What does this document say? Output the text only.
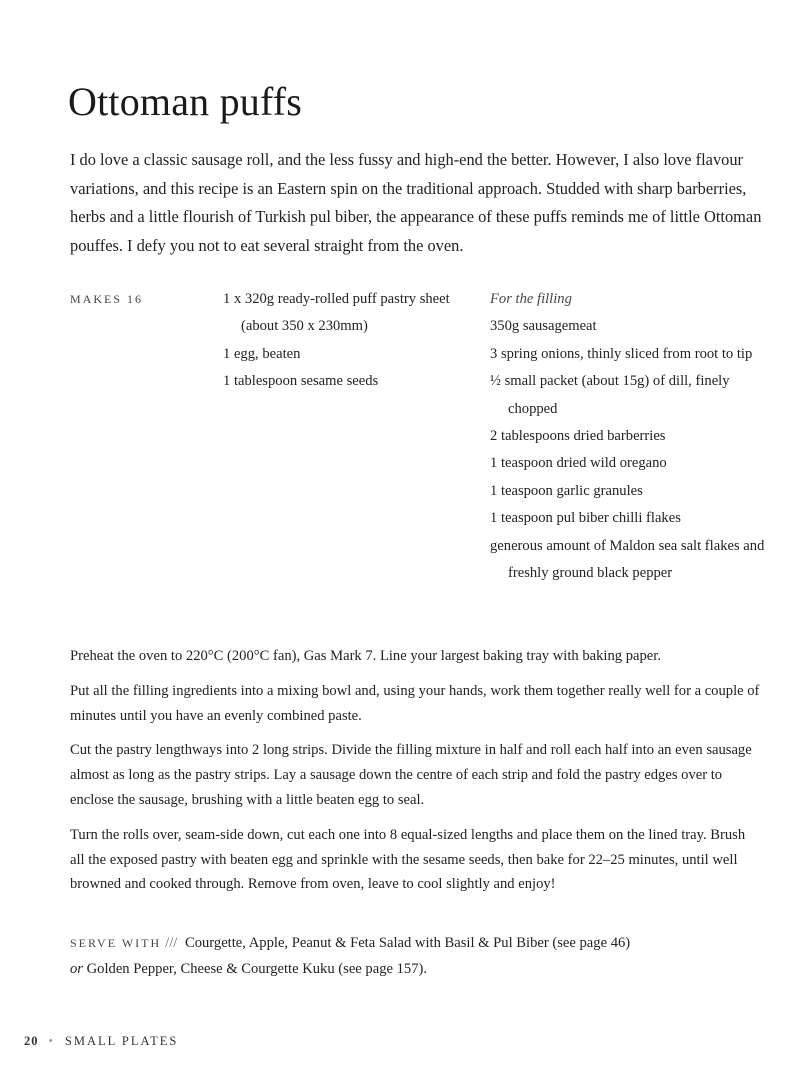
Ottoman puffs

I do love a classic sausage roll, and the less fussy and high-end the better. However, I also love flavour variations, and this recipe is an Eastern spin on the traditional approach. Studded with sharp barberries, herbs and a little flourish of Turkish pul biber, the appearance of these puffs reminds me of little Ottoman pouffes. I defy you not to eat several straight from the oven.

MAKES 16	1 x 320g ready-rolled puff pastry sheet (about 350 x 230mm)

1 egg, beaten

1 tablespoon sesame seeds

For the filling

350g sausagemeat

3 spring onions, thinly sliced from root to tip

½ small packet (about 15g) of dill, finely chopped

2 tablespoons dried barberries

1 teaspoon dried wild oregano

1 teaspoon garlic granules

1 teaspoon pul biber chilli flakes

generous amount of Maldon sea salt flakes and freshly ground black pepper

Preheat the oven to 220°C (200°C fan), Gas Mark 7. Line your largest baking tray with baking paper.

Put all the filling ingredients into a mixing bowl and, using your hands, work them together really well for a couple of minutes until you have an evenly combined paste.

Cut the pastry lengthways into 2 long strips. Divide the filling mixture in half and roll each half into an even sausage almost as long as the pastry strips. Lay a sausage down the centre of each strip and fold the pastry edges over to enclose the sausage, brushing with a little beaten egg to seal.

Turn the rolls over, seam-side down, cut each one into 8 equal-sized lengths and place them on the lined tray. Brush all the exposed pastry with beaten egg and sprinkle with the sesame seeds, then bake for 22–25 minutes, until well browned and cooked through. Remove from oven, leave to cool slightly and enjoy!

SERVE WITH /// Courgette, Apple, Peanut & Feta Salad with Basil & Pul Biber (see page 46)
or Golden Pepper, Cheese & Courgette Kuku (see page 157).
20 • SMALL PLATES
